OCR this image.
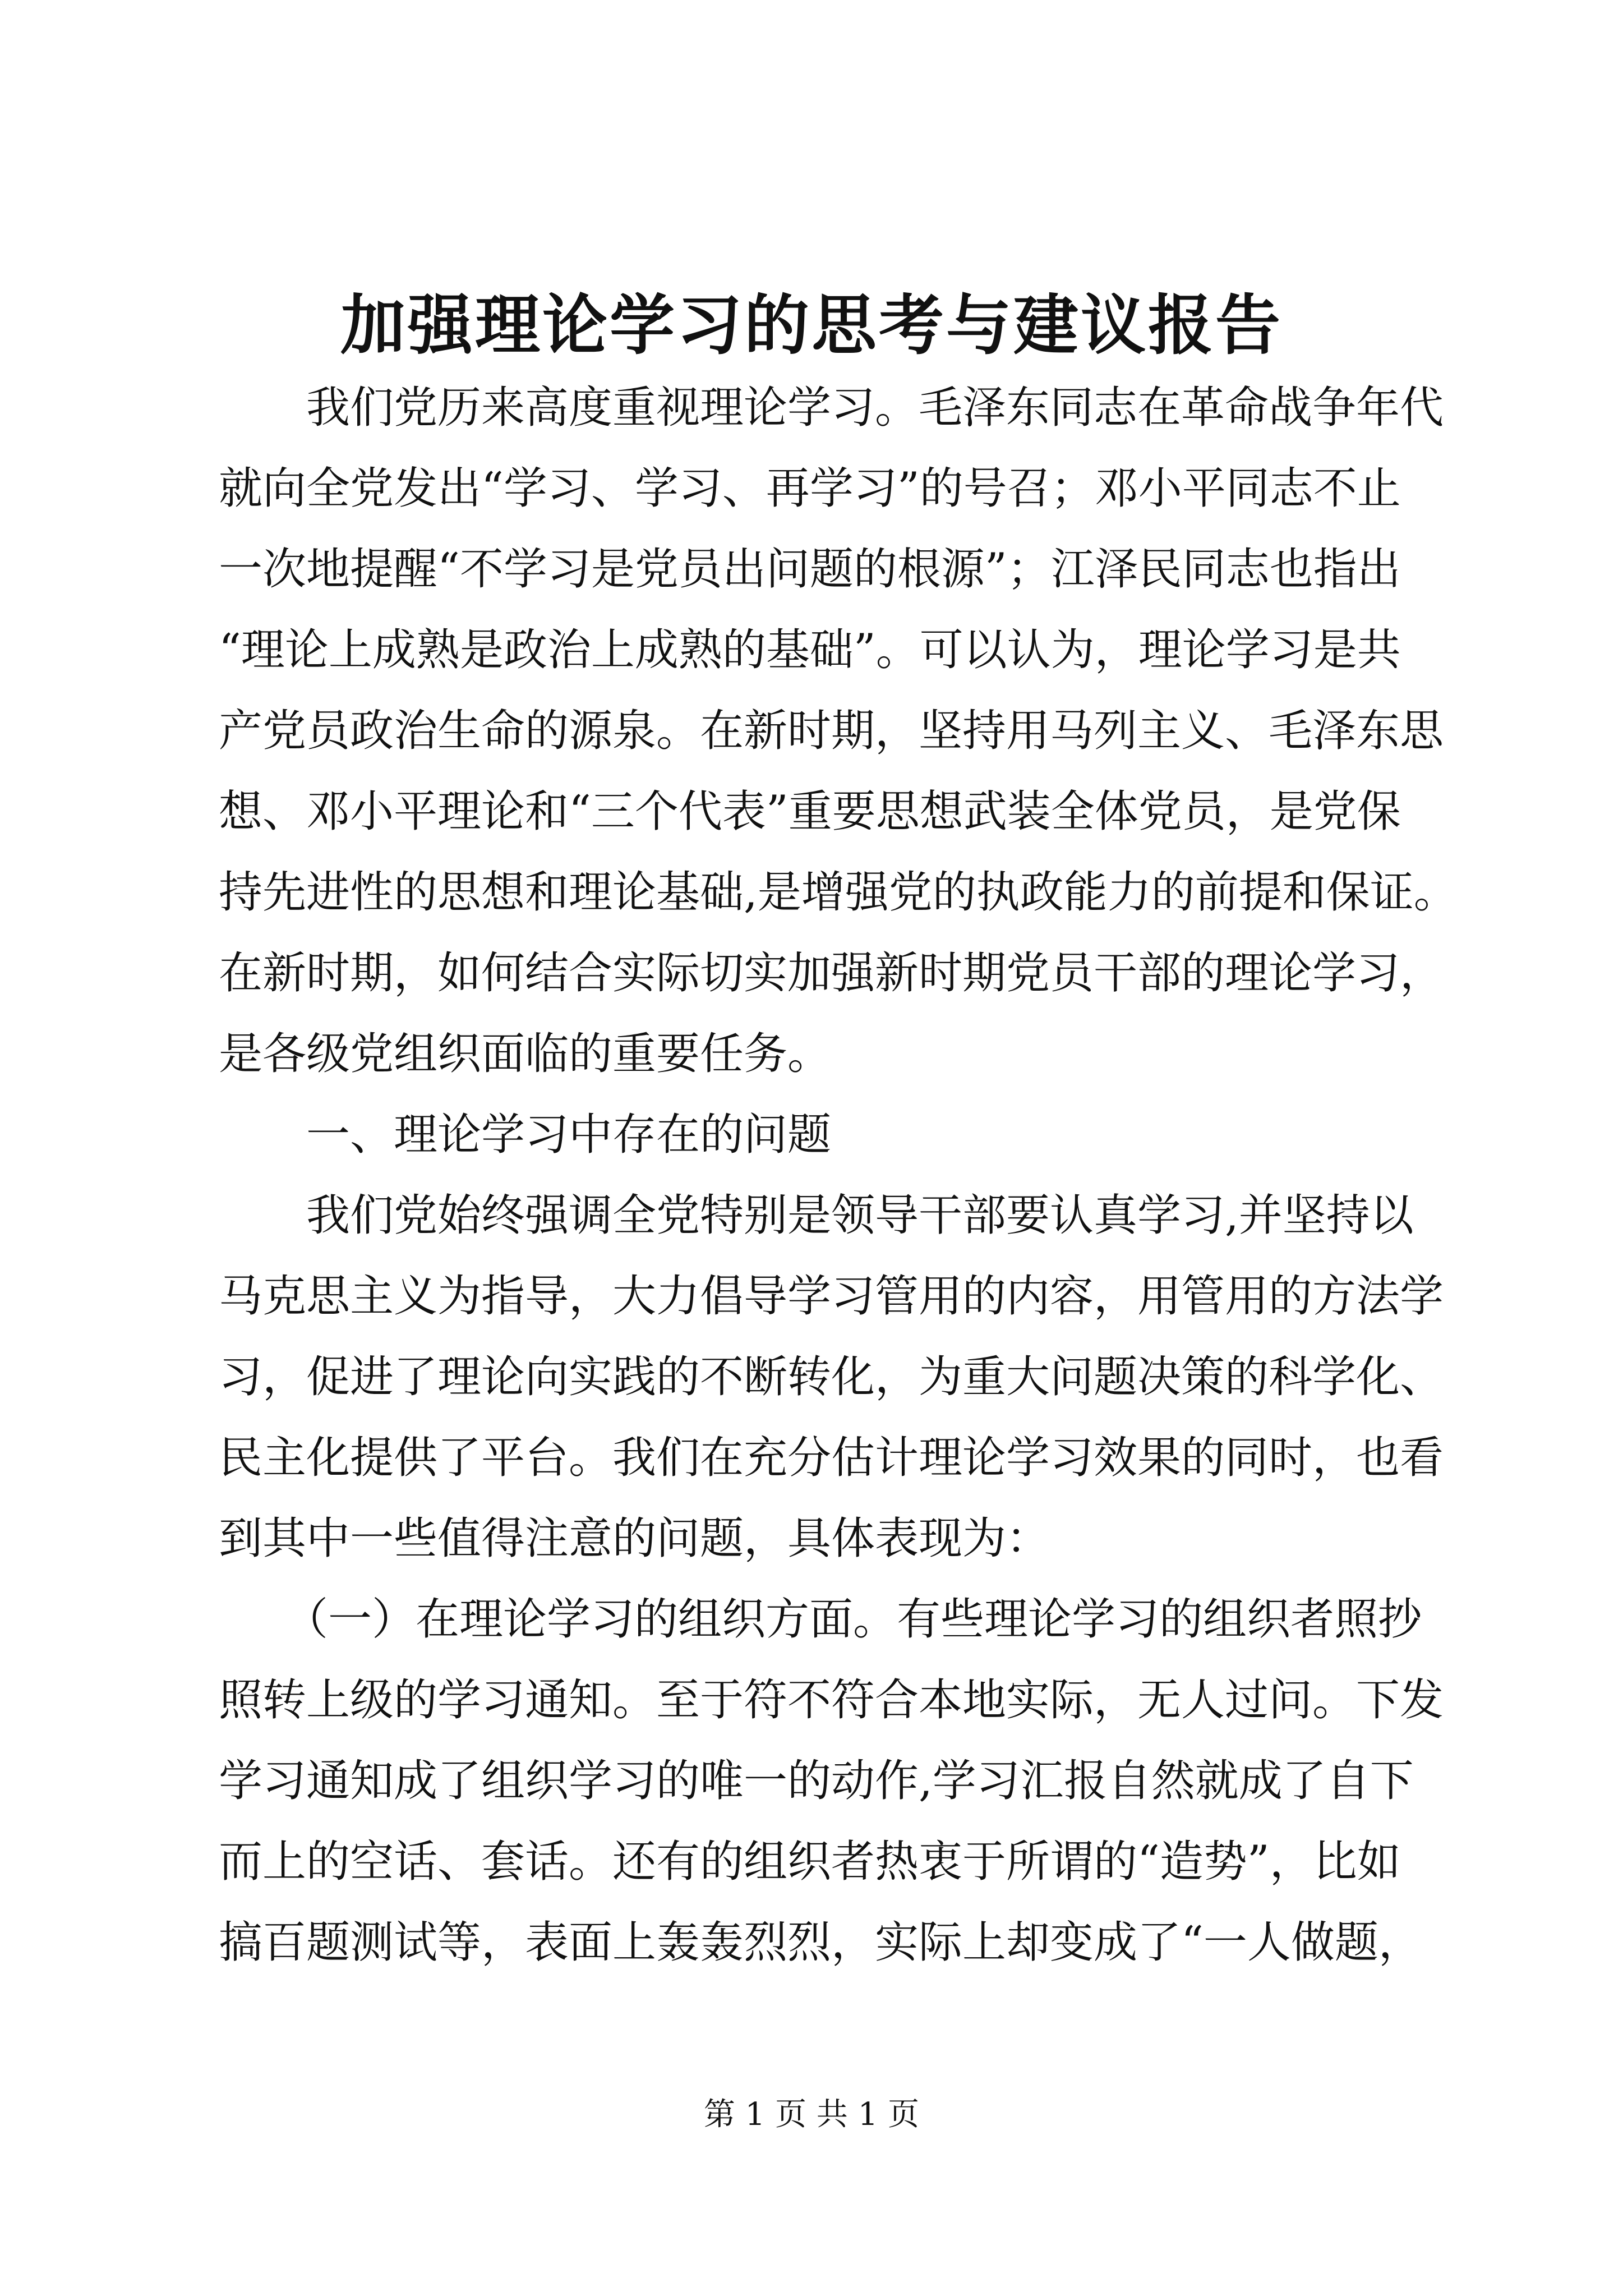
加强理论学习的思考与建议报告
　　我们党历来高度重视理论学习。毛泽东同志在革命战争年代
就向全党发出“学习、学习、再学习”的号召；邓小平同志不止
一次地提醒“不学习是党员出问题的根源”；江泽民同志也指出
“理论上成熟是政治上成熟的基础”。可以认为，理论学习是共
产党员政治生命的源泉。在新时期，坚持用马列主义、毛泽东思
想、邓小平理论和“三个代表”重要思想武装全体党员，是党保
持先进性的思想和理论基础,是增强党的执政能力的前提和保证。
在新时期，如何结合实际切实加强新时期党员干部的理论学习，
是各级党组织面临的重要任务。
　　一、理论学习中存在的问题
　　我们党始终强调全党特别是领导干部要认真学习,并坚持以
马克思主义为指导，大力倡导学习管用的内容，用管用的方法学
习，促进了理论向实践的不断转化，为重大问题决策的科学化、
民主化提供了平台。我们在充分估计理论学习效果的同时，也看
到其中一些值得注意的问题，具体表现为：
　　（一）在理论学习的组织方面。有些理论学习的组织者照抄
照转上级的学习通知。至于符不符合本地实际，无人过问。下发
学习通知成了组织学习的唯一的动作,学习汇报自然就成了自下
而上的空话、套话。还有的组织者热衷于所谓的“造势”，比如
搞百题测试等，表面上轰轰烈烈，实际上却变成了“一人做题，
第 1 页 共 1 页
